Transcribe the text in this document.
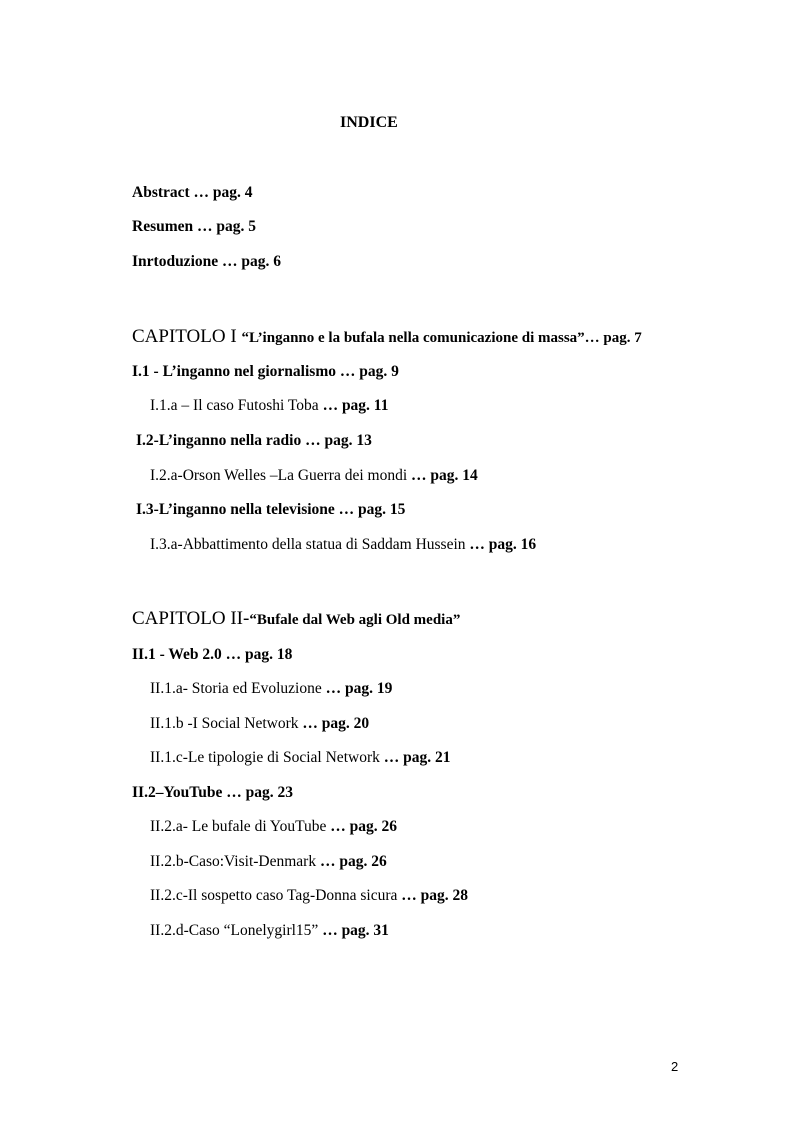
INDICE
Abstract … pag. 4
Resumen … pag. 5
Inrtoduzione … pag. 6
CAPITOLO I “L’inganno e la bufala nella comunicazione di massa”… pag. 7
I.1 - L’inganno nel giornalismo … pag. 9
I.1.a – Il caso Futoshi Toba … pag. 11
I.2-L’inganno nella radio … pag. 13
I.2.a-Orson Welles –La Guerra dei mondi … pag. 14
I.3-L’inganno nella televisione … pag. 15
I.3.a-Abbattimento della statua di Saddam Hussein … pag. 16
CAPITOLO II-“Bufale dal Web agli Old media”
II.1 - Web 2.0 … pag. 18
II.1.a- Storia ed Evoluzione … pag. 19
II.1.b -I Social Network … pag. 20
II.1.c-Le tipologie di Social Network … pag. 21
II.2–YouTube … pag. 23
II.2.a- Le bufale di YouTube … pag. 26
II.2.b-Caso:Visit-Denmark … pag. 26
II.2.c-Il sospetto caso Tag-Donna sicura … pag. 28
II.2.d-Caso “Lonelygirl15” … pag. 31
2
